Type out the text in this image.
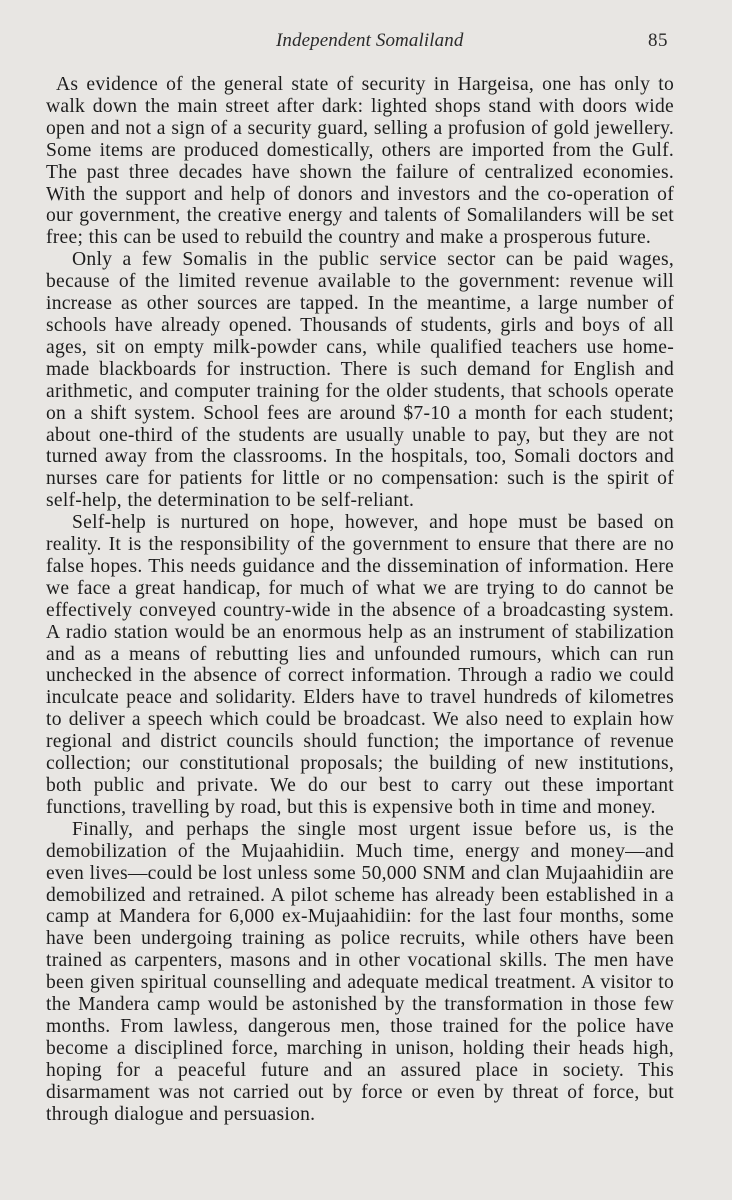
Independent Somaliland	85

As evidence of the general state of security in Hargeisa, one has only to walk down the main street after dark: lighted shops stand with doors wide open and not a sign of a security guard, selling a profusion of gold jewellery. Some items are produced domestically, others are imported from the Gulf. The past three decades have shown the failure of centralized economies. With the support and help of donors and investors and the co-operation of our government, the creative energy and talents of Somalilanders will be set free; this can be used to rebuild the country and make a prosperous future.

Only a few Somalis in the public service sector can be paid wages, because of the limited revenue available to the government: revenue will increase as other sources are tapped. In the meantime, a large number of schools have already opened. Thousands of students, girls and boys of all ages, sit on empty milk-powder cans, while qualified teachers use home-made blackboards for instruction. There is such demand for English and arithmetic, and computer training for the older students, that schools operate on a shift system. School fees are around $7-10 a month for each student; about one-third of the students are usually unable to pay, but they are not turned away from the classrooms. In the hospitals, too, Somali doctors and nurses care for patients for little or no compensation: such is the spirit of self-help, the determination to be self-reliant.

Self-help is nurtured on hope, however, and hope must be based on reality. It is the responsibility of the government to ensure that there are no false hopes. This needs guidance and the dissemination of information. Here we face a great handicap, for much of what we are trying to do cannot be effectively conveyed country-wide in the absence of a broadcasting system. A radio station would be an enormous help as an instrument of stabilization and as a means of rebutting lies and unfounded rumours, which can run unchecked in the absence of correct information. Through a radio we could inculcate peace and solidarity. Elders have to travel hundreds of kilometres to deliver a speech which could be broadcast. We also need to explain how regional and district councils should function; the importance of revenue collection; our constitutional proposals; the building of new institutions, both public and private. We do our best to carry out these important functions, travelling by road, but this is expensive both in time and money.

Finally, and perhaps the single most urgent issue before us, is the demobilization of the Mujaahidiin. Much time, energy and money—and even lives—could be lost unless some 50,000 SNM and clan Mujaahidiin are demobilized and retrained. A pilot scheme has already been established in a camp at Mandera for 6,000 ex-Mujaahidiin: for the last four months, some have been undergoing training as police recruits, while others have been trained as carpenters, masons and in other vocational skills. The men have been given spiritual counselling and adequate medical treatment. A visitor to the Mandera camp would be astonished by the transformation in those few months. From lawless, dangerous men, those trained for the police have become a disciplined force, marching in unison, holding their heads high, hoping for a peaceful future and an assured place in society. This disarmament was not carried out by force or even by threat of force, but through dialogue and persuasion.
